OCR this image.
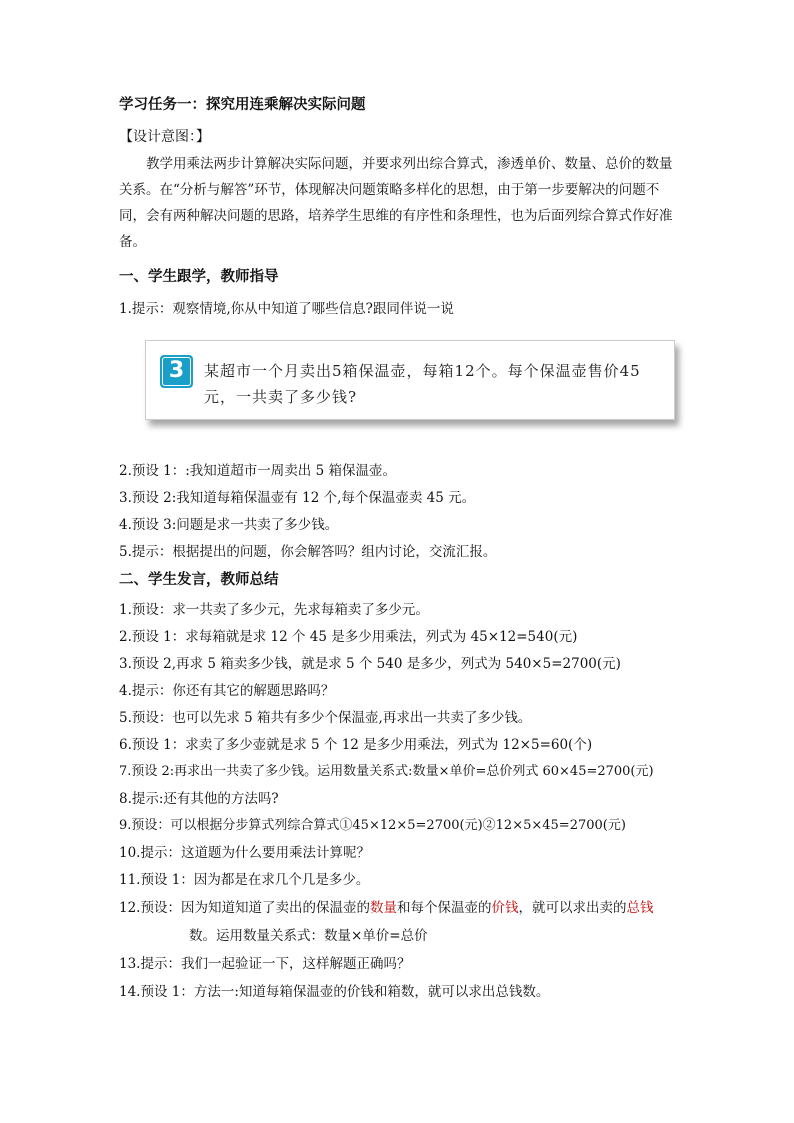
学习任务一：探究用连乘解决实际问题
【设计意图：】
教学用乘法两步计算解决实际问题，并要求列出综合算式，渗透单价、数量、总价的数量关系。在“分析与解答”环节，体现解决问题策略多样化的思想，由于第一步要解决的问题不同，会有两种解决问题的思路，培养学生思维的有序性和条理性，也为后面列综合算式作好准备。
一、学生跟学，教师指导
1.提示：观察情境,你从中知道了哪些信息?跟同伴说一说
3	某超市一个月卖出5箱保温壶，每箱12个。每个保温壶售价45元，一共卖了多少钱?
2.预设 1：:我知道超市一周卖出 5 箱保温壶。
3.预设 2:我知道每箱保温壶有 12 个,每个保温壶卖 45 元。
4.预设 3:问题是求一共卖了多少钱。
5.提示：根据提出的问题，你会解答吗？组内讨论，交流汇报。
二、学生发言，教师总结
1.预设：求一共卖了多少元，先求每箱卖了多少元。
2.预设 1：求每箱就是求 12 个 45 是多少用乘法，列式为 45×12=540(元)
3.预设 2,再求 5 箱卖多少钱，就是求 5 个 540 是多少，列式为 540×5=2700(元)
4.提示：你还有其它的解题思路吗？
5.预设：也可以先求 5 箱共有多少个保温壶,再求出一共卖了多少钱。
6.预设 1：求卖了多少壶就是求 5 个 12 是多少用乘法，列式为 12×5=60(个)
7.预设 2:再求出一共卖了多少钱。运用数量关系式:数量×单价=总价列式 60×45=2700(元)
8.提示:还有其他的方法吗?
9.预设：可以根据分步算式列综合算式①45×12×5=2700(元)②12×5×45=2700(元)
10.提示：这道题为什么要用乘法计算呢？
11.预设 1：因为都是在求几个几是多少。
12.预设：因为知道知道了卖出的保温壶的数量和每个保温壶的价钱，就可以求出卖的总钱
数。运用数量关系式：数量×单价=总价
13.提示：我们一起验证一下，这样解题正确吗？
14.预设 1：方法一:知道每箱保温壶的价钱和箱数，就可以求出总钱数。
